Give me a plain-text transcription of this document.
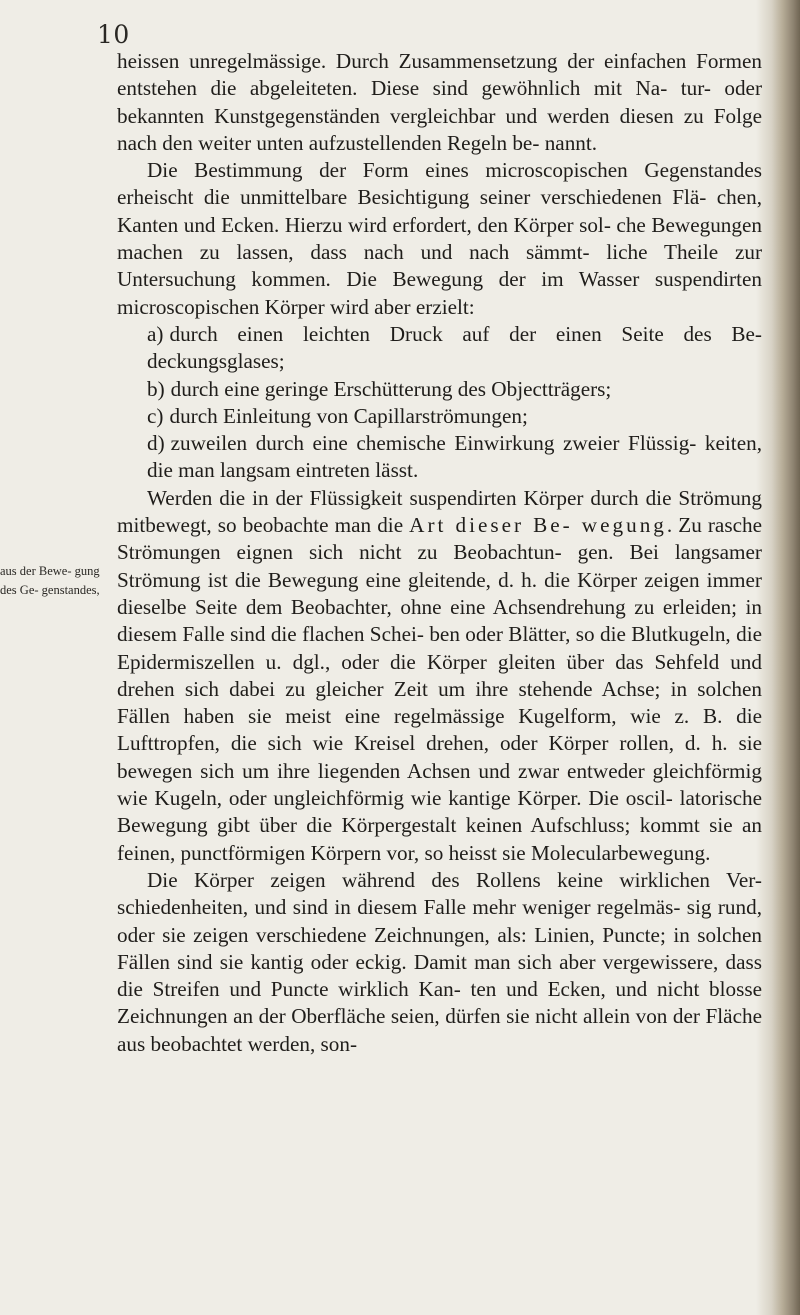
10
aus der Bewe- gung des Ge- genstandes,

heissen unregelmässige. Durch Zusammensetzung der einfachen Formen entstehen die abgeleiteten. Diese sind gewöhnlich mit Na- tur- oder bekannten Kunstgegenständen vergleichbar und werden diesen zu Folge nach den weiter unten aufzustellenden Regeln be- nannt.

Die Bestimmung der Form eines microscopischen Gegenstandes erheischt die unmittelbare Besichtigung seiner verschiedenen Flä- chen, Kanten und Ecken. Hierzu wird erfordert, den Körper sol- che Bewegungen machen zu lassen, dass nach und nach sämmt- liche Theile zur Untersuchung kommen. Die Bewegung der im Wasser suspendirten microscopischen Körper wird aber erzielt:

a) durch einen leichten Druck auf der einen Seite des Be- deckungsglases;

b) durch eine geringe Erschütterung des Objectträgers;

c) durch Einleitung von Capillarströmungen;

d) zuweilen durch eine chemische Einwirkung zweier Flüssig- keiten, die man langsam eintreten lässt.

Werden die in der Flüssigkeit suspendirten Körper durch die Strömung mitbewegt, so beobachte man die Art dieser Be- wegung. Zu rasche Strömungen eignen sich nicht zu Beobachtun- gen. Bei langsamer Strömung ist die Bewegung eine gleitende, d. h. die Körper zeigen immer dieselbe Seite dem Beobachter, ohne eine Achsendrehung zu erleiden; in diesem Falle sind die flachen Schei- ben oder Blätter, so die Blutkugeln, die Epidermiszellen u. dgl., oder die Körper gleiten über das Sehfeld und drehen sich dabei zu gleicher Zeit um ihre stehende Achse; in solchen Fällen haben sie meist eine regelmässige Kugelform, wie z. B. die Lufttropfen, die sich wie Kreisel drehen, oder Körper rollen, d. h. sie bewegen sich um ihre liegenden Achsen und zwar entweder gleichförmig wie Kugeln, oder ungleichförmig wie kantige Körper. Die oscil- latorische Bewegung gibt über die Körpergestalt keinen Aufschluss; kommt sie an feinen, punctförmigen Körpern vor, so heisst sie Molecularbewegung.

Die Körper zeigen während des Rollens keine wirklichen Ver- schiedenheiten, und sind in diesem Falle mehr weniger regelmäs- sig rund, oder sie zeigen verschiedene Zeichnungen, als: Linien, Puncte; in solchen Fällen sind sie kantig oder eckig. Damit man sich aber vergewissere, dass die Streifen und Puncte wirklich Kan- ten und Ecken, und nicht blosse Zeichnungen an der Oberfläche seien, dürfen sie nicht allein von der Fläche aus beobachtet werden, son-
